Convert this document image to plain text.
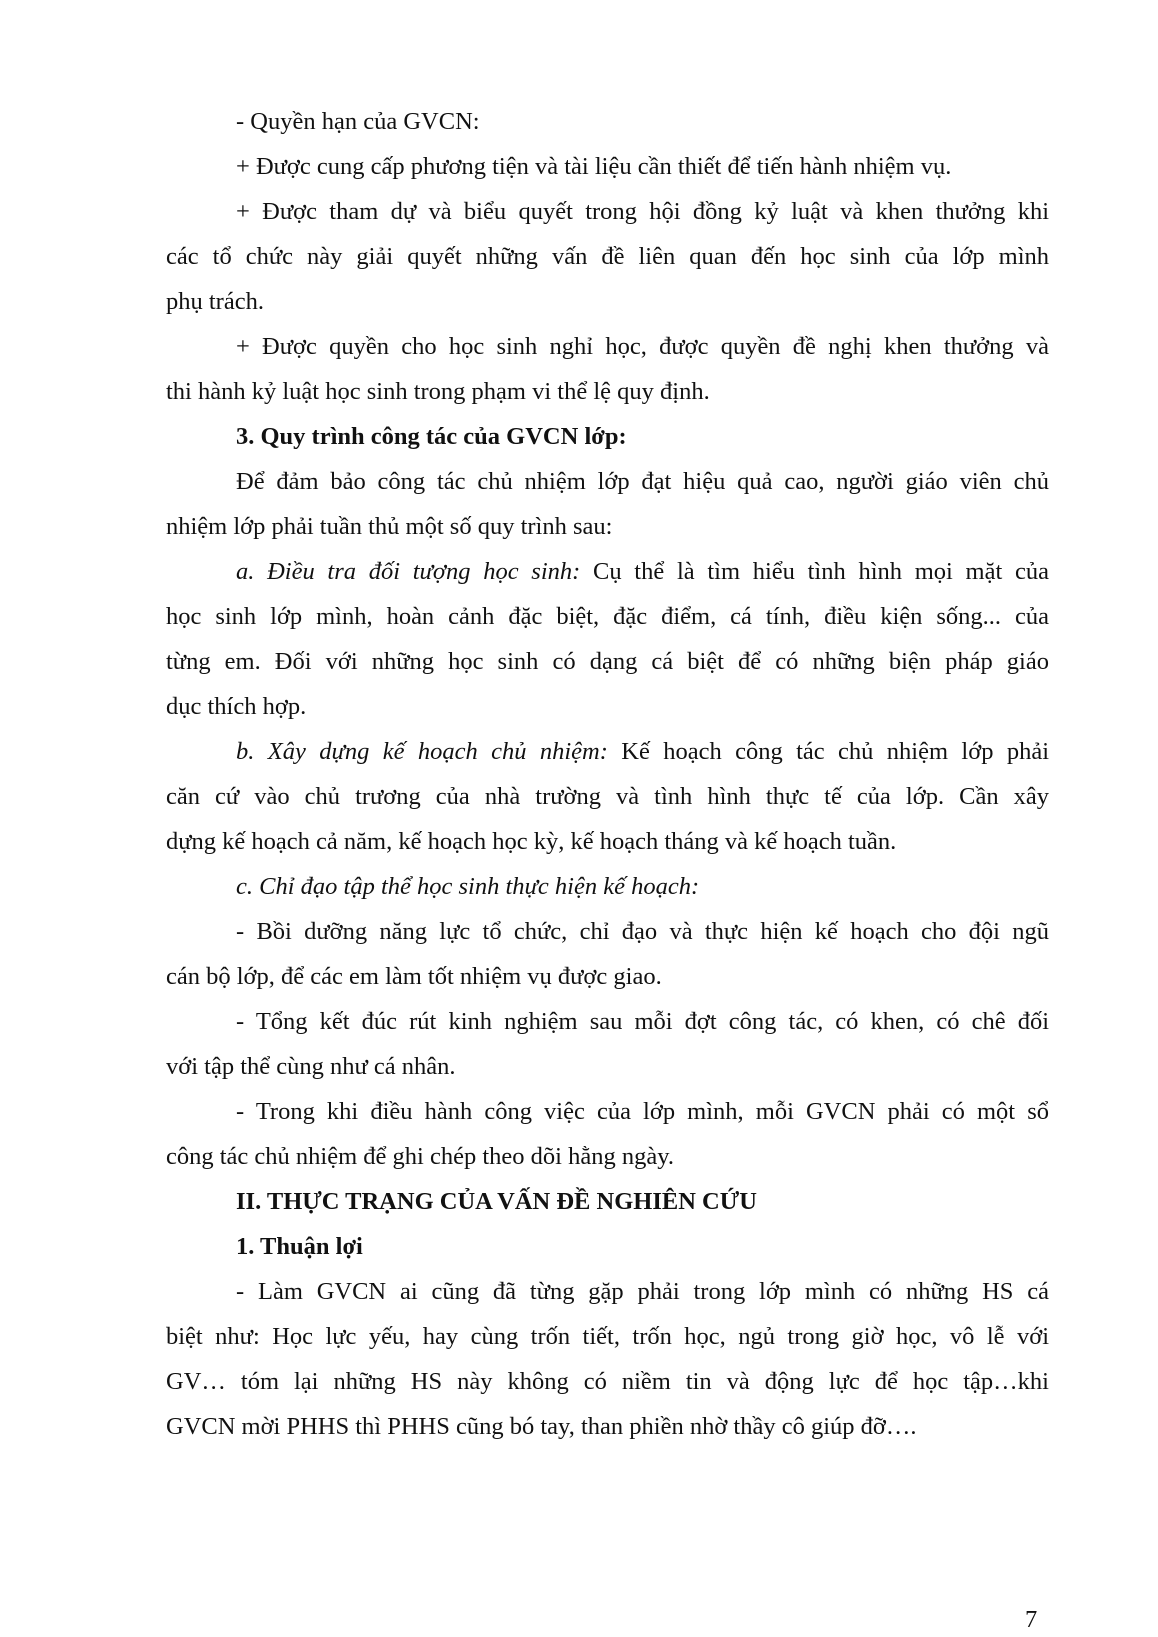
- Quyền hạn của GVCN:
+ Được cung cấp phương tiện và tài liệu cần thiết để tiến hành nhiệm vụ.
+ Được tham dự và biểu quyết trong hội đồng kỷ luật và khen thưởng khi
các tổ chức này giải quyết những vấn đề liên quan đến học sinh của lớp mình
phụ trách.
+ Được quyền cho học sinh nghỉ học, được quyền đề nghị khen thưởng và
thi hành kỷ luật học sinh trong phạm vi thể lệ quy định.
3. Quy trình công tác của GVCN lớp:
Để đảm bảo công tác chủ nhiệm lớp đạt hiệu quả cao, người giáo viên chủ
nhiệm lớp phải tuần thủ một số quy trình sau:
a. Điều tra đối tượng học sinh: Cụ thể là tìm hiểu tình hình mọi mặt của
học sinh lớp mình, hoàn cảnh đặc biệt, đặc điểm, cá tính, điều kiện sống... của
từng em. Đối với những học sinh có dạng cá biệt để có những biện pháp giáo
dục thích hợp.
b. Xây dựng kế hoạch chủ nhiệm: Kế hoạch công tác chủ nhiệm lớp phải
căn cứ vào chủ trương của nhà trường và tình hình thực tế của lớp. Cần xây
dựng kế hoạch cả năm, kế hoạch học kỳ, kế hoạch tháng và kế hoạch tuần.
c. Chỉ đạo tập thể học sinh thực hiện kế hoạch:
- Bồi dưỡng năng lực tổ chức, chỉ đạo và thực hiện kế hoạch cho đội ngũ
cán bộ lớp, để các em làm tốt nhiệm vụ được giao.
- Tổng kết đúc rút kinh nghiệm sau mỗi đợt công tác, có khen, có chê đối
với tập thể cùng như cá nhân.
- Trong khi điều hành công việc của lớp mình, mỗi GVCN phải có một sổ
công tác chủ nhiệm để ghi chép theo dõi hằng ngày.
II. THỰC TRẠNG CỦA VẤN ĐỀ NGHIÊN CỨU
1. Thuận lợi
- Làm GVCN ai cũng đã từng gặp phải trong lớp mình có những HS cá
biệt như: Học lực yếu, hay cùng trốn tiết, trốn học, ngủ trong giờ học, vô lễ với
GV… tóm lại những HS này không có niềm tin và động lực để học tập…khi
GVCN mời PHHS thì PHHS cũng bó tay, than phiền nhờ thầy cô giúp đỡ….
7
